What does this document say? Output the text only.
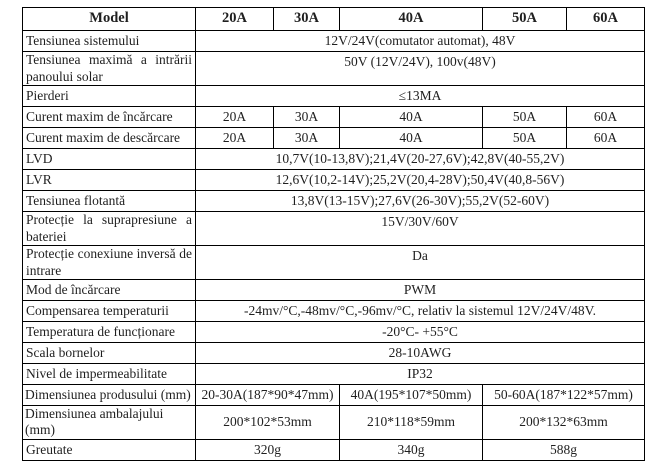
Model	20A	30A	40A	50A	60A
Tensiunea sistemului	12V/24V(comutator automat), 48V				
Tensiunea maximă a intrării panoului solar	50V (12V/24V), 100v(48V)				
Pierderi	≤13MA				
Curent maxim de încărcare	20A	30A	40A	50A	60A
Curent maxim de descărcare	20A	30A	40A	50A	60A
LVD	10,7V(10-13,8V);21,4V(20-27,6V);42,8V(40-55,2V)				
LVR	12,6V(10,2-14V);25,2V(20,4-28V);50,4V(40,8-56V)				
Tensiunea flotantă	13,8V(13-15V);27,6V(26-30V);55,2V(52-60V)				
Protecție la suprapresiune a bateriei	15V/30V/60V				
Protecție conexiune inversă de intrare	Da				
Mod de încărcare	PWM				
Compensarea temperaturii	-24mv/°C,-48mv/°C,-96mv/°C, relativ la sistemul 12V/24V/48V.				
Temperatura de funcționare	-20°C- +55°C				
Scala bornelor	28-10AWG				
Nivel de impermeabilitate	IP32				
Dimensiunea produsului (mm)	20-30A(187*90*47mm)		40A(195*107*50mm)	50-60A(187*122*57mm)	
Dimensiunea ambalajului (mm)	200*102*53mm		210*118*59mm	200*132*63mm	
Greutate	320g		340g	588g	
